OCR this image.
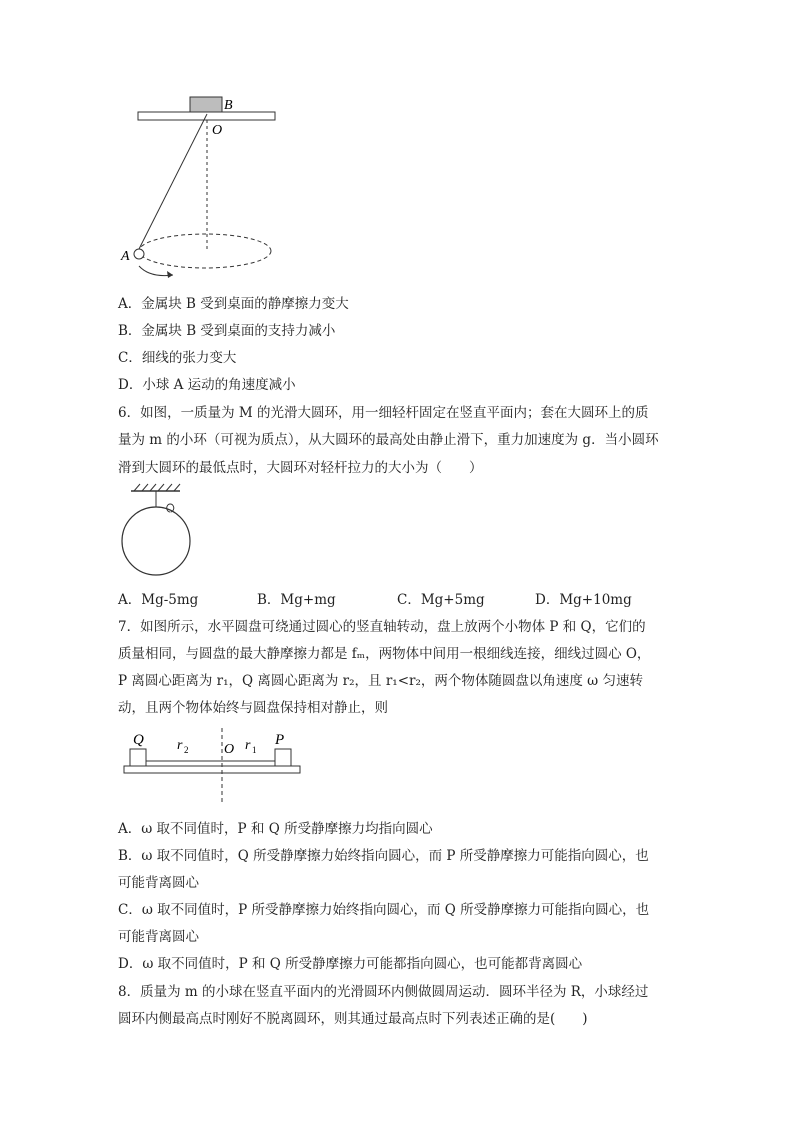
B
O
A
A．金属块 B 受到桌面的静摩擦力变大
B．金属块 B 受到桌面的支持力减小
C．细线的张力变大
D．小球 A 运动的角速度减小
6．如图，一质量为 M 的光滑大圆环，用一细轻杆固定在竖直平面内；套在大圆环上的质
量为 m 的小环（可视为质点），从大圆环的最高处由静止滑下，重力加速度为 g．当小圆环
滑到大圆环的最低点时，大圆环对轻杆拉力的大小为（　　）
A．Mg-5mg	B．Mg+mg	C．Mg+5mg	D．Mg+10mg
7．如图所示，水平圆盘可绕通过圆心的竖直轴转动，盘上放两个小物体 P 和 Q，它们的
质量相同，与圆盘的最大静摩擦力都是 fₘ，两物体中间用一根细线连接，细线过圆心 O，
P 离圆心距离为 r₁，Q 离圆心距离为 r₂，且 r₁<r₂，两个物体随圆盘以角速度 ω 匀速转
动，且两个物体始终与圆盘保持相对静止，则
Q	P
O
r 2	r 1
A．ω 取不同值时，P 和 Q 所受静摩擦力均指向圆心
B．ω 取不同值时，Q 所受静摩擦力始终指向圆心，而 P 所受静摩擦力可能指向圆心，也
可能背离圆心
C．ω 取不同值时，P 所受静摩擦力始终指向圆心，而 Q 所受静摩擦力可能指向圆心，也
可能背离圆心
D．ω 取不同值时，P 和 Q 所受静摩擦力可能都指向圆心，也可能都背离圆心
8．质量为 m 的小球在竖直平面内的光滑圆环内侧做圆周运动．圆环半径为 R，小球经过
圆环内侧最高点时刚好不脱离圆环，则其通过最高点时下列表述正确的是(　　)
